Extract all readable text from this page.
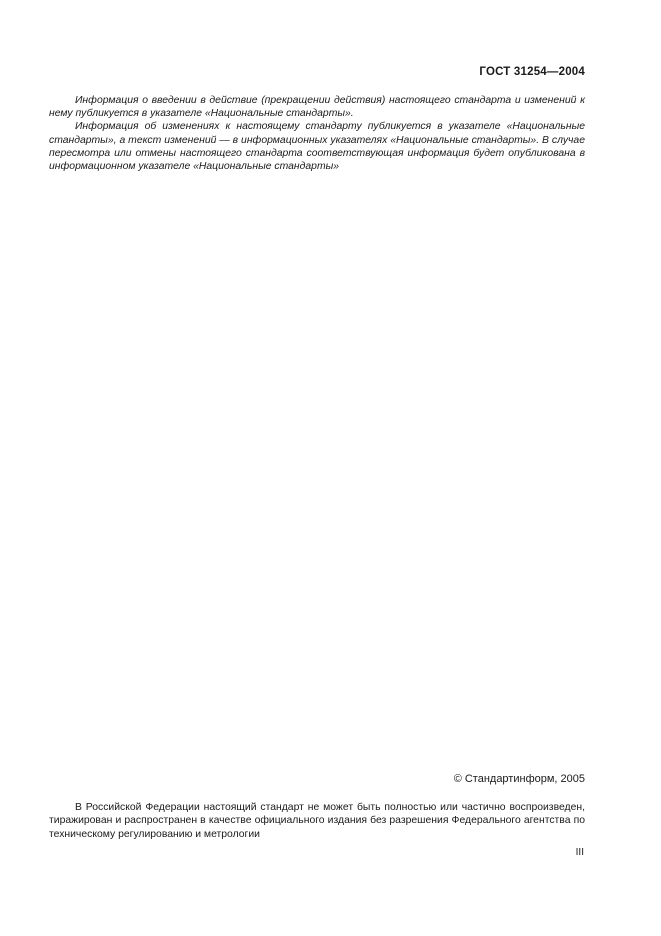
ГОСТ 31254—2004

Информация о введении в действие (прекращении действия) настоящего стандарта и изменений к нему публикуется в указателе «Национальные стандарты».

Информация об изменениях к настоящему стандарту публикуется в указателе «Национальные стандарты», а текст изменений — в информационных указателях «Национальные стандарты». В случае пересмотра или отмены настоящего стандарта соответствующая информация будет опубликована в информационном указателе «Национальные стандарты»

© Стандартинформ, 2005

В Российской Федерации настоящий стандарт не может быть полностью или частично воспроизведен, тиражирован и распространен в качестве официального издания без разрешения Федерального агентства по техническому регулированию и метрологии

III
